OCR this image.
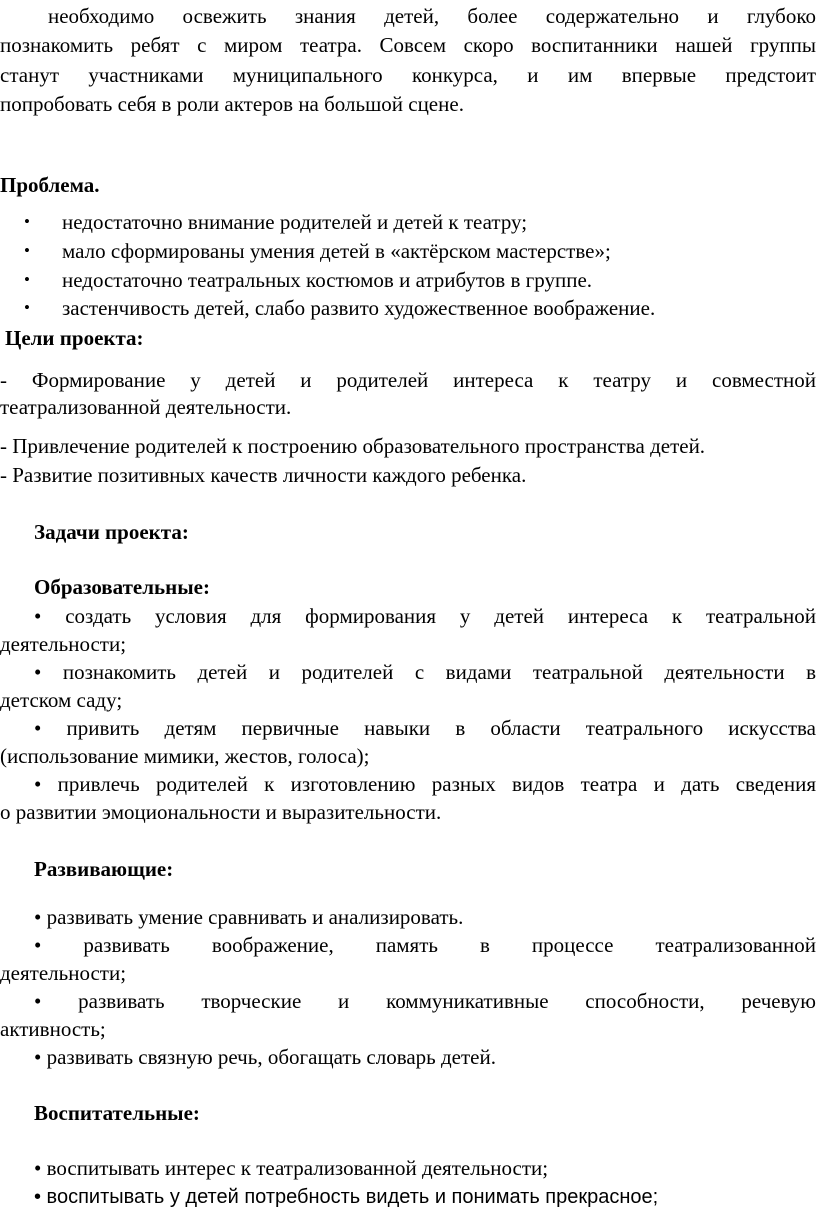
необходимо освежить знания детей, более содержательно и глубоко
познакомить ребят с миром театра. Совсем скоро воспитанники нашей группы
станут участниками муниципального конкурса, и им впервые предстоит
попробовать себя в роли актеров на большой сцене.
Проблема.
• недостаточно внимание родителей и детей к театру;
• мало сформированы умения детей в «актёрском мастерстве»;
• недостаточно театральных костюмов и атрибутов в группе.
• застенчивость детей, слабо развито художественное воображение.
Цели проекта:
- Формирование у детей и родителей интереса к театру и совместной
театрализованной деятельности.
- Привлечение родителей к построению образовательного пространства детей.
- Развитие позитивных качеств личности каждого ребенка.
Задачи проекта:
Образовательные:
• создать условия для формирования у детей интереса к театральной
деятельности;
• познакомить детей и родителей с видами театральной деятельности в
детском саду;
• привить детям первичные навыки в области театрального искусства
(использование мимики, жестов, голоса);
• привлечь родителей к изготовлению разных видов театра и дать сведения
о развитии эмоциональности и выразительности.
Развивающие:
• развивать умение сравнивать и анализировать.
• развивать воображение, память в процессе театрализованной
деятельности;
• развивать творческие и коммуникативные способности, речевую
активность;
• развивать связную речь, обогащать словарь детей.
Воспитательные:
• воспитывать интерес к театрализованной деятельности;
• воспитывать у детей потребность видеть и понимать прекрасное;
